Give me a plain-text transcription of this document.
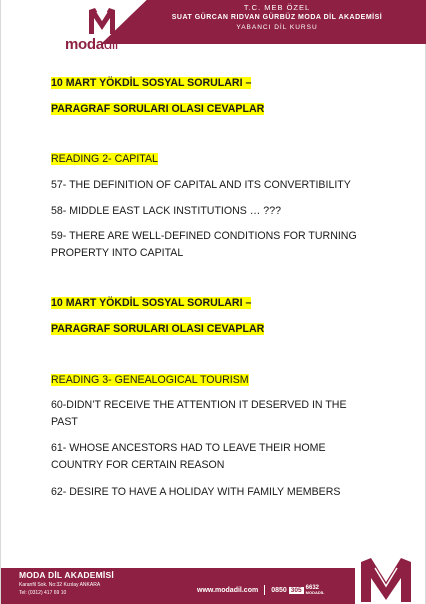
T.C. MEB ÖZEL
SUAT GÜRCAN RIDVAN GÜRBÜZ MODA DİL AKADEMİSİ
YABANCI DİL KURSU
modadil
10 MART YÖKDİL SOSYAL SORULARI –
PARAGRAF SORULARI OLASI CEVAPLAR
READING 2- CAPITAL
57- THE DEFINITION OF CAPITAL AND ITS CONVERTIBILITY
58- MIDDLE EAST LACK INSTITUTIONS … ???
59- THERE ARE WELL-DEFINED CONDITIONS FOR TURNING PROPERTY INTO CAPITAL
10 MART YÖKDİL SOSYAL SORULARI –
PARAGRAF SORULARI OLASI CEVAPLAR
READING 3- GENEALOGICAL TOURISM
60-DIDN’T RECEIVE THE ATTENTION IT DESERVED IN THE PAST
61- WHOSE ANCESTORS HAD TO LEAVE THEIR HOME COUNTRY FOR CERTAIN REASON
62- DESIRE TO HAVE A HOLIDAY WITH FAMILY MEMBERS
MODA DİL AKADEMİSİ
Karanfil Sok. No:32 Kızılay ANKARA
Tel: (0312) 417 69 10	www.modadil.com 0850 305 6632
MODADİL
